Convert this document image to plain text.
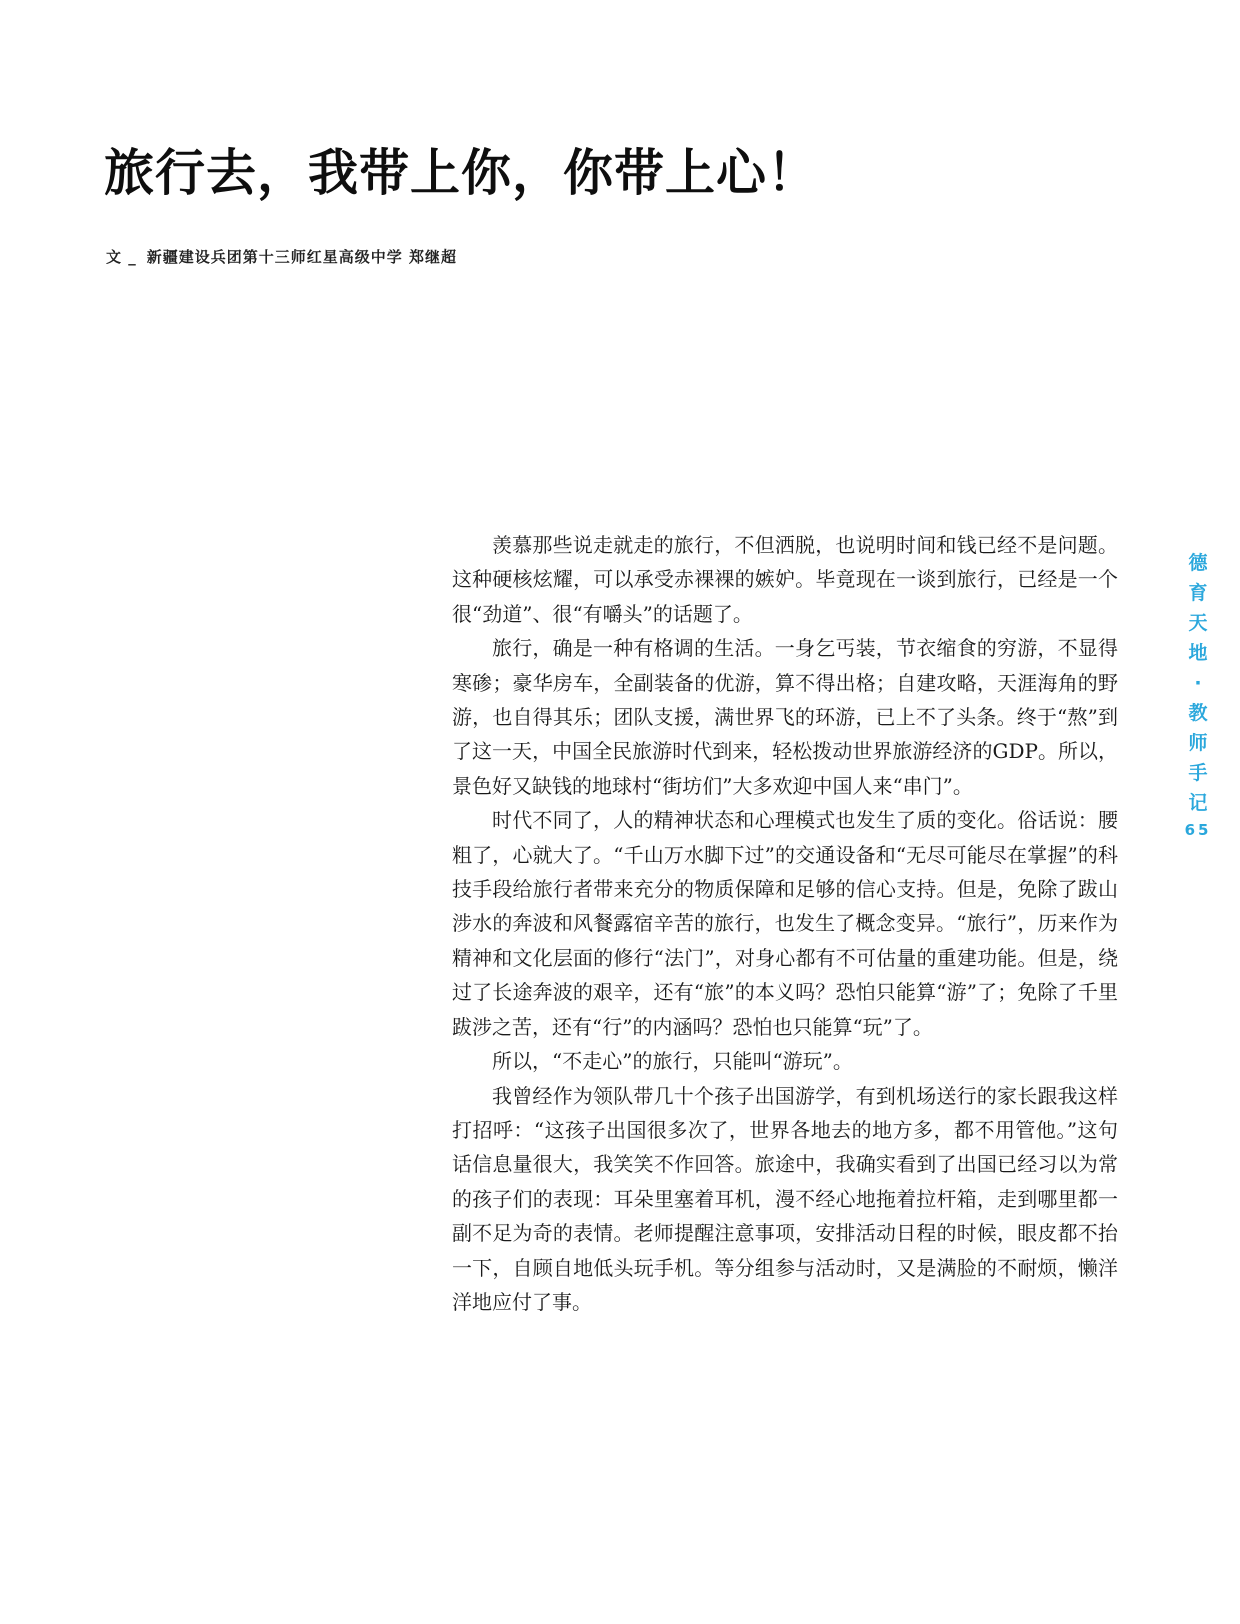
旅行去，我带上你，你带上心！
文 _ 新疆建设兵团第十三师红星高级中学 郑继超

羡慕那些说走就走的旅行，不但洒脱，也说明时间和钱已经不是问题。这种硬核炫耀，可以承受赤裸裸的嫉妒。毕竟现在一谈到旅行，已经是一个很“劲道”、很“有嚼头”的话题了。

旅行，确是一种有格调的生活。一身乞丐装，节衣缩食的穷游，不显得寒碜；豪华房车，全副装备的优游，算不得出格；自建攻略，天涯海角的野游，也自得其乐；团队支援，满世界飞的环游，已上不了头条。终于“熬”到了这一天，中国全民旅游时代到来，轻松拨动世界旅游经济的GDP。所以，景色好又缺钱的地球村“街坊们”大多欢迎中国人来“串门”。

时代不同了，人的精神状态和心理模式也发生了质的变化。俗话说：腰粗了，心就大了。“千山万水脚下过”的交通设备和“无尽可能尽在掌握”的科技手段给旅行者带来充分的物质保障和足够的信心支持。但是，免除了跋山涉水的奔波和风餐露宿辛苦的旅行，也发生了概念变异。“旅行”，历来作为精神和文化层面的修行“法门”，对身心都有不可估量的重建功能。但是，绕过了长途奔波的艰辛，还有“旅”的本义吗？恐怕只能算“游”了；免除了千里跋涉之苦，还有“行”的内涵吗？恐怕也只能算“玩”了。

所以，“不走心”的旅行，只能叫“游玩”。

我曾经作为领队带几十个孩子出国游学，有到机场送行的家长跟我这样打招呼：“这孩子出国很多次了，世界各地去的地方多，都不用管他。”这句话信息量很大，我笑笑不作回答。旅途中，我确实看到了出国已经习以为常的孩子们的表现：耳朵里塞着耳机，漫不经心地拖着拉杆箱，走到哪里都一副不足为奇的表情。老师提醒注意事项，安排活动日程的时候，眼皮都不抬一下，自顾自地低头玩手机。等分组参与活动时，又是满脸的不耐烦，懒洋洋地应付了事。

德
育
天
地
·
教
师
手
记
65
